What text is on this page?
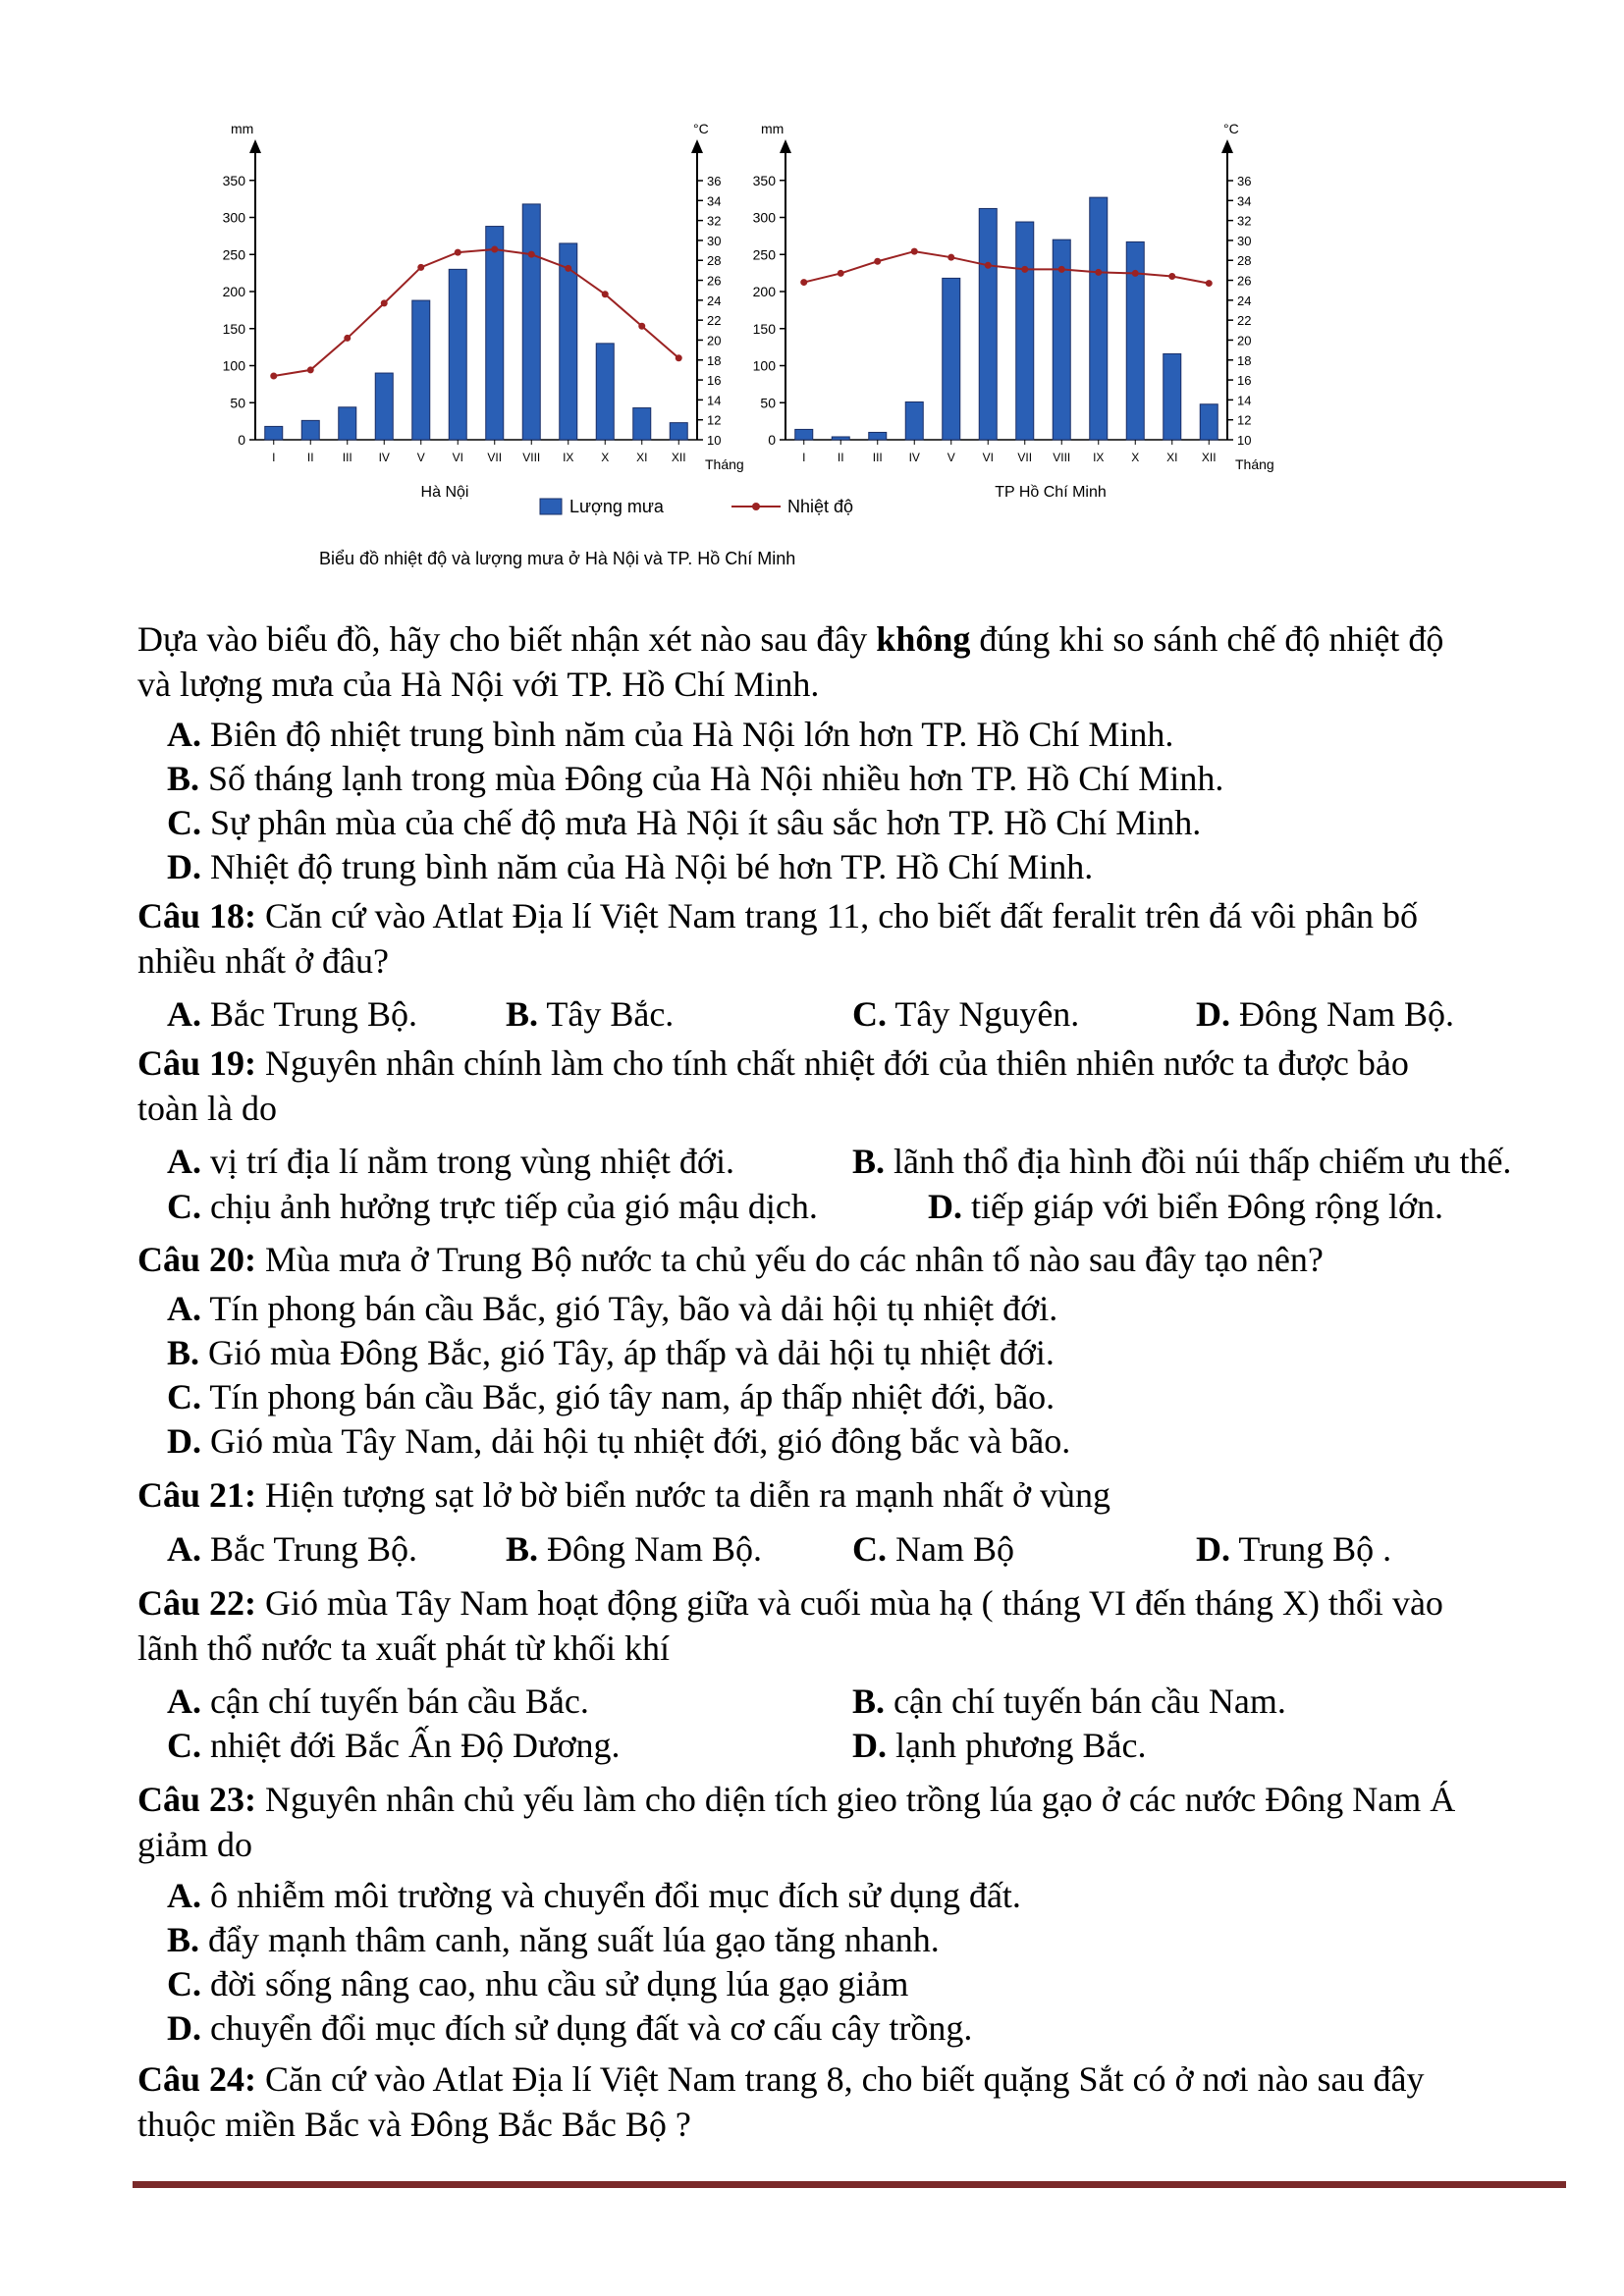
mm
0
50
100
150
200
250
300
350
°C
10
12
14
16
18
20
22
24
26
28
30
32
34
36
I	II III IV V VI VII VIII IX X XI XII Tháng
Hà Nội
mm
0
50
100
150
200
250
300
350
°C
10
12
14
16
18
20
22
24
26
28
30
32
34
36
I	II III IV V VI VII VIII IX X XI XII Tháng
TP Hồ Chí Minh
Lượng mưa	Nhiệt độ
Biểu đồ nhiệt độ và lượng mưa ở Hà Nội và TP. Hồ Chí Minh
Dựa vào biểu đồ, hãy cho biết nhận xét nào sau đây không đúng khi so sánh chế độ nhiệt độ
và lượng mưa của Hà Nội với TP. Hồ Chí Minh.
A. Biên độ nhiệt trung bình năm của Hà Nội lớn hơn TP. Hồ Chí Minh.
B. Số tháng lạnh trong mùa Đông của Hà Nội nhiều hơn TP. Hồ Chí Minh.
C. Sự phân mùa của chế độ mưa Hà Nội ít sâu sắc hơn TP. Hồ Chí Minh.
D. Nhiệt độ trung bình năm của Hà Nội bé hơn TP. Hồ Chí Minh.
Câu 18: Căn cứ vào Atlat Địa lí Việt Nam trang 11, cho biết đất feralit trên đá vôi phân bố
nhiều nhất ở đâu?
A. Bắc Trung Bộ. B. Tây Bắc.	C. Tây Nguyên.	D. Đông Nam Bộ.
Câu 19: Nguyên nhân chính làm cho tính chất nhiệt đới của thiên nhiên nước ta được bảo
toàn là do
A. vị trí địa lí nằm trong vùng nhiệt đới.	B. lãnh thổ địa hình đồi núi thấp chiếm ưu thế.
C. chịu ảnh hưởng trực tiếp của gió mậu dịch.	D. tiếp giáp với biển Đông rộng lớn.
Câu 20: Mùa mưa ở Trung Bộ nước ta chủ yếu do các nhân tố nào sau đây tạo nên?
A. Tín phong bán cầu Bắc, gió Tây, bão và dải hội tụ nhiệt đới.
B. Gió mùa Đông Bắc, gió Tây, áp thấp và dải hội tụ nhiệt đới.
C. Tín phong bán cầu Bắc, gió tây nam, áp thấp nhiệt đới, bão.
D. Gió mùa Tây Nam, dải hội tụ nhiệt đới, gió đông bắc và bão.
Câu 21: Hiện tượng sạt lở bờ biển nước ta diễn ra mạnh nhất ở vùng
A. Bắc Trung Bộ. B. Đông Nam Bộ.	C. Nam Bộ	D. Trung Bộ .
Câu 22: Gió mùa Tây Nam hoạt động giữa và cuối mùa hạ ( tháng VI đến tháng X) thổi vào
lãnh thổ nước ta xuất phát từ khối khí
A. cận chí tuyến bán cầu Bắc.	B. cận chí tuyến bán cầu Nam.
C. nhiệt đới Bắc Ấn Độ Dương.	D. lạnh phương Bắc.
Câu 23: Nguyên nhân chủ yếu làm cho diện tích gieo trồng lúa gạo ở các nước Đông Nam Á
giảm do
A. ô nhiễm môi trường và chuyển đổi mục đích sử dụng đất.
B. đẩy mạnh thâm canh, năng suất lúa gạo tăng nhanh.
C. đời sống nâng cao, nhu cầu sử dụng lúa gạo giảm
D. chuyển đổi mục đích sử dụng đất và cơ cấu cây trồng.
Câu 24: Căn cứ vào Atlat Địa lí Việt Nam trang 8, cho biết quặng Sắt có ở nơi nào sau đây
thuộc miền Bắc và Đông Bắc Bắc Bộ ?
